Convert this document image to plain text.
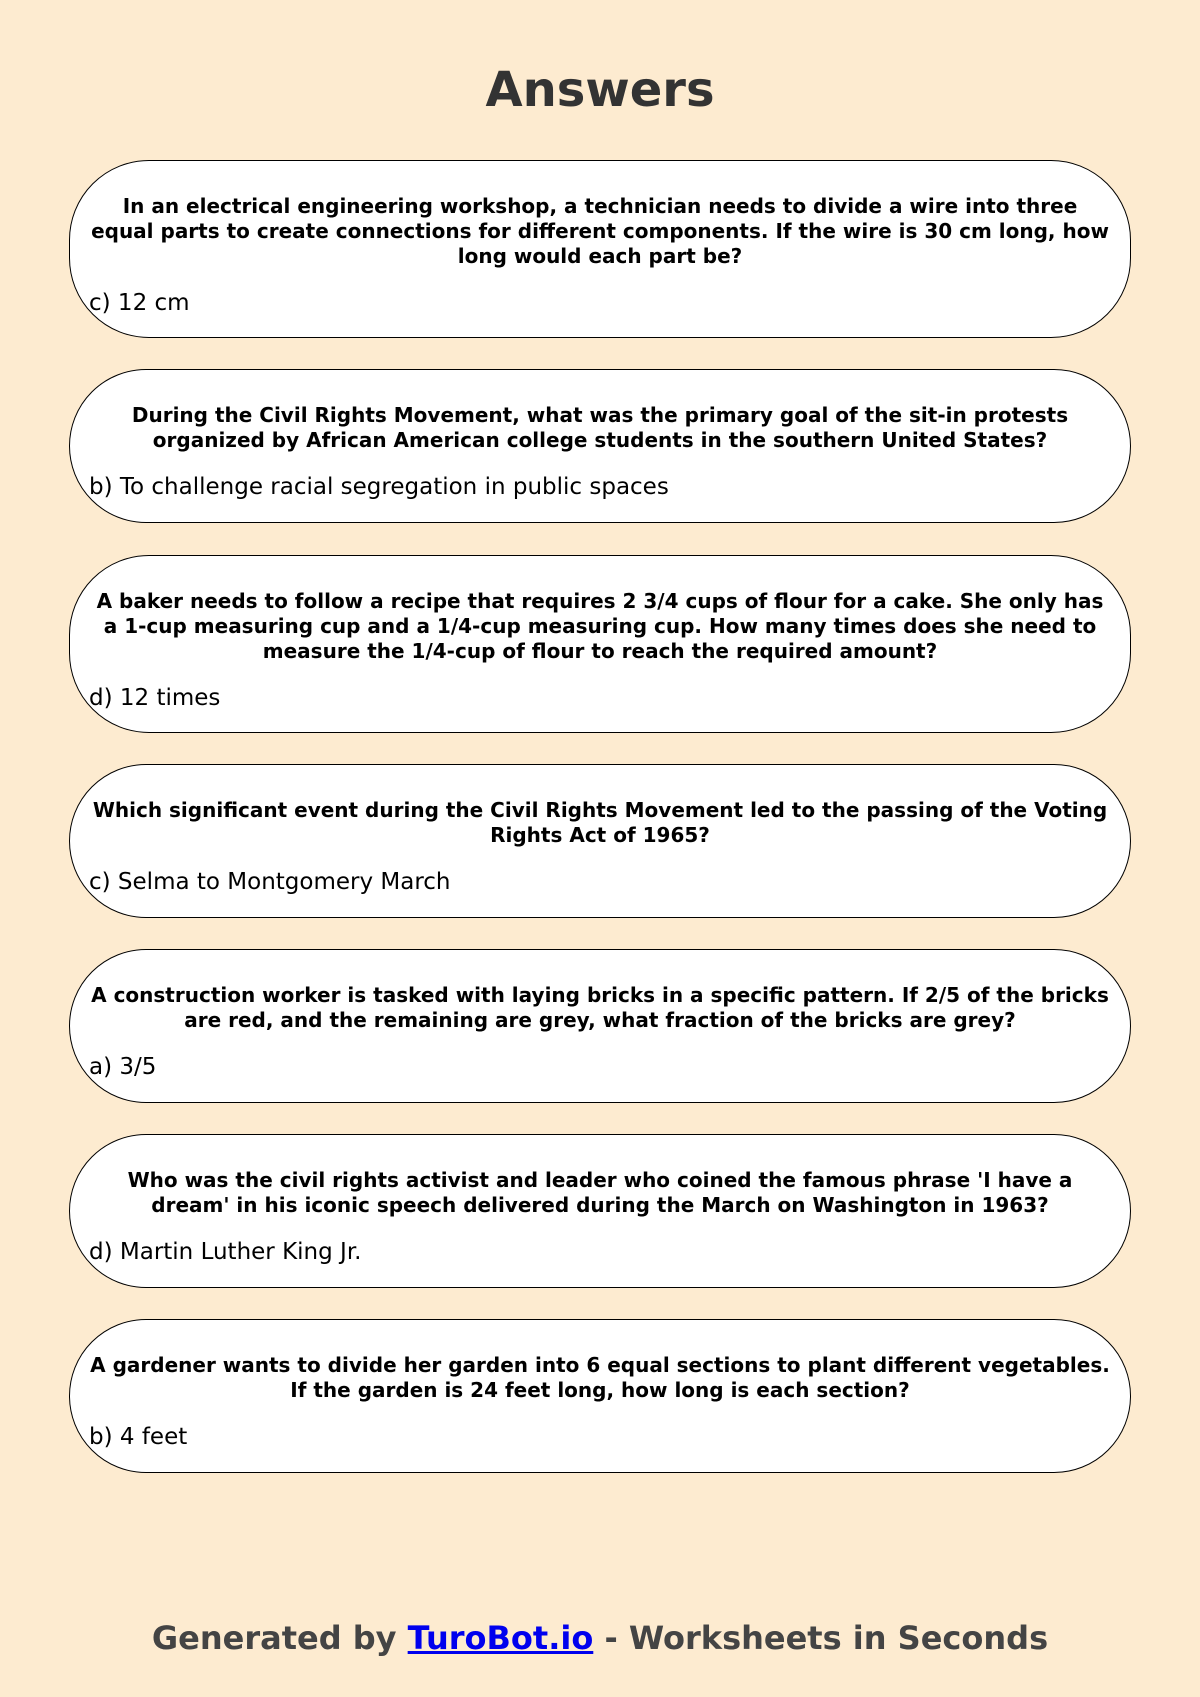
Answers
In an electrical engineering workshop, a technician needs to divide a wire into three equal parts to create connections for different components. If the wire is 30 cm long, how long would each part be?
c) 12 cm
During the Civil Rights Movement, what was the primary goal of the sit-in protests organized by African American college students in the southern United States?
b) To challenge racial segregation in public spaces
A baker needs to follow a recipe that requires 2 3/4 cups of flour for a cake. She only has a 1-cup measuring cup and a 1/4-cup measuring cup. How many times does she need to measure the 1/4-cup of flour to reach the required amount?
d) 12 times
Which significant event during the Civil Rights Movement led to the passing of the Voting Rights Act of 1965?
c) Selma to Montgomery March
A construction worker is tasked with laying bricks in a specific pattern. If 2/5 of the bricks are red, and the remaining are grey, what fraction of the bricks are grey?
a) 3/5
Who was the civil rights activist and leader who coined the famous phrase 'I have a dream' in his iconic speech delivered during the March on Washington in 1963?
d) Martin Luther King Jr.
A gardener wants to divide her garden into 6 equal sections to plant different vegetables. If the garden is 24 feet long, how long is each section?
b) 4 feet
Generated by TuroBot.io - Worksheets in Seconds
